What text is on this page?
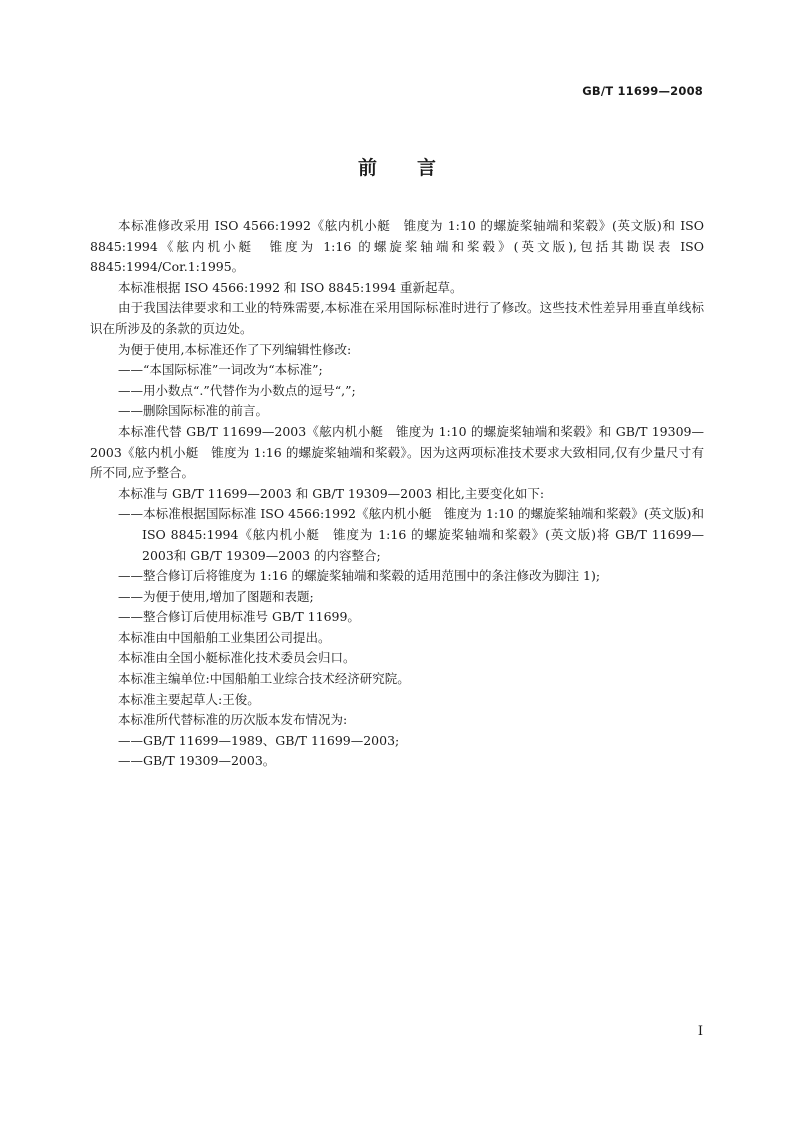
GB/T 11699—2008
前言

本标准修改采用 ISO 4566:1992《舷内机小艇　锥度为 1:10 的螺旋桨轴端和桨毂》(英文版)和 ISO 8845:1994《舷内机小艇　锥度为 1:16 的螺旋桨轴端和桨毂》(英文版),包括其勘误表 ISO 8845:1994/Cor.1:1995。

本标准根据 ISO 4566:1992 和 ISO 8845:1994 重新起草。

由于我国法律要求和工业的特殊需要,本标准在采用国际标准时进行了修改。这些技术性差异用垂直单线标识在所涉及的条款的页边处。

为便于使用,本标准还作了下列编辑性修改:

——“本国际标准”一词改为“本标准”;

——用小数点“.”代替作为小数点的逗号“,”;

——删除国际标准的前言。

本标准代替 GB/T 11699—2003《舷内机小艇　锥度为 1:10 的螺旋桨轴端和桨毂》和 GB/T 19309—2003《舷内机小艇　锥度为 1:16 的螺旋桨轴端和桨毂》。因为这两项标准技术要求大致相同,仅有少量尺寸有所不同,应予整合。

本标准与 GB/T 11699—2003 和 GB/T 19309—2003 相比,主要变化如下:

——本标准根据国际标准 ISO 4566:1992《舷内机小艇　锥度为 1:10 的螺旋桨轴端和桨毂》(英文版)和 ISO 8845:1994《舷内机小艇　锥度为 1:16 的螺旋桨轴端和桨毂》(英文版)将 GB/T 11699—2003和 GB/T 19309—2003 的内容整合;

——整合修订后将锥度为 1:16 的螺旋桨轴端和桨毂的适用范围中的条注修改为脚注 1);

——为便于使用,增加了图题和表题;

——整合修订后使用标准号 GB/T 11699。

本标准由中国船舶工业集团公司提出。

本标准由全国小艇标准化技术委员会归口。

本标准主编单位:中国船舶工业综合技术经济研究院。

本标准主要起草人:王俊。

本标准所代替标准的历次版本发布情况为:

——GB/T 11699—1989、GB/T 11699—2003;

——GB/T 19309—2003。

I
